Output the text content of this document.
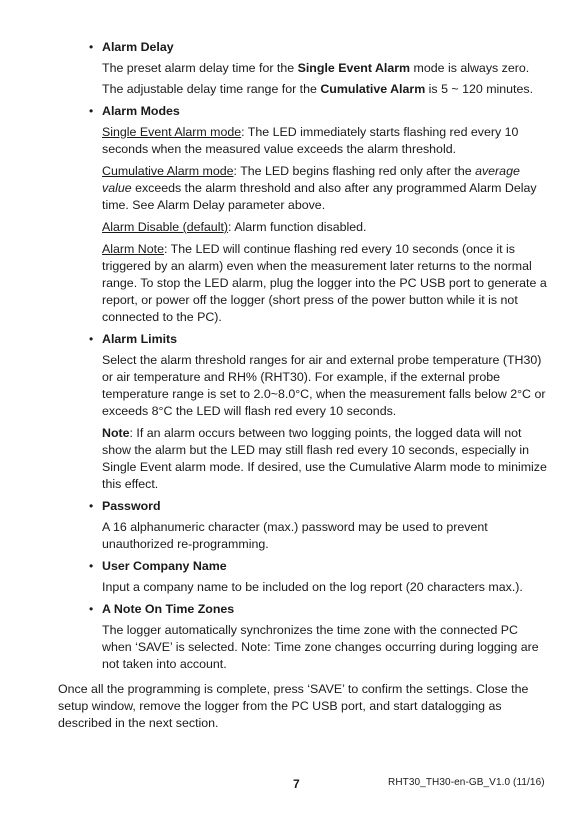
• Alarm Delay

The preset alarm delay time for the Single Event Alarm mode is always zero.

The adjustable delay time range for the Cumulative Alarm is 5 ~ 120 minutes.

• Alarm Modes

Single Event Alarm mode: The LED immediately starts flashing red every 10 seconds when the measured value exceeds the alarm threshold.

Cumulative Alarm mode: The LED begins flashing red only after the average value exceeds the alarm threshold and also after any programmed Alarm Delay time. See Alarm Delay parameter above.

Alarm Disable (default): Alarm function disabled.

Alarm Note: The LED will continue flashing red every 10 seconds (once it is triggered by an alarm) even when the measurement later returns to the normal range. To stop the LED alarm, plug the logger into the PC USB port to generate a report, or power off the logger (short press of the power button while it is not connected to the PC).

• Alarm Limits

Select the alarm threshold ranges for air and external probe temperature (TH30) or air temperature and RH% (RHT30). For example, if the external probe temperature range is set to 2.0~8.0°C, when the measurement falls below 2°C or exceeds 8°C the LED will flash red every 10 seconds.

Note: If an alarm occurs between two logging points, the logged data will not show the alarm but the LED may still flash red every 10 seconds, especially in Single Event alarm mode. If desired, use the Cumulative Alarm mode to minimize this effect.

• Password

A 16 alphanumeric character (max.) password may be used to prevent unauthorized re-programming.

• User Company Name

Input a company name to be included on the log report (20 characters max.).

• A Note On Time Zones

The logger automatically synchronizes the time zone with the connected PC when ‘SAVE’ is selected. Note: Time zone changes occurring during logging are not taken into account.

Once all the programming is complete, press ‘SAVE’ to confirm the settings. Close the setup window, remove the logger from the PC USB port, and start datalogging as described in the next section.

7	RHT30_TH30-en-GB_V1.0 (11/16)
